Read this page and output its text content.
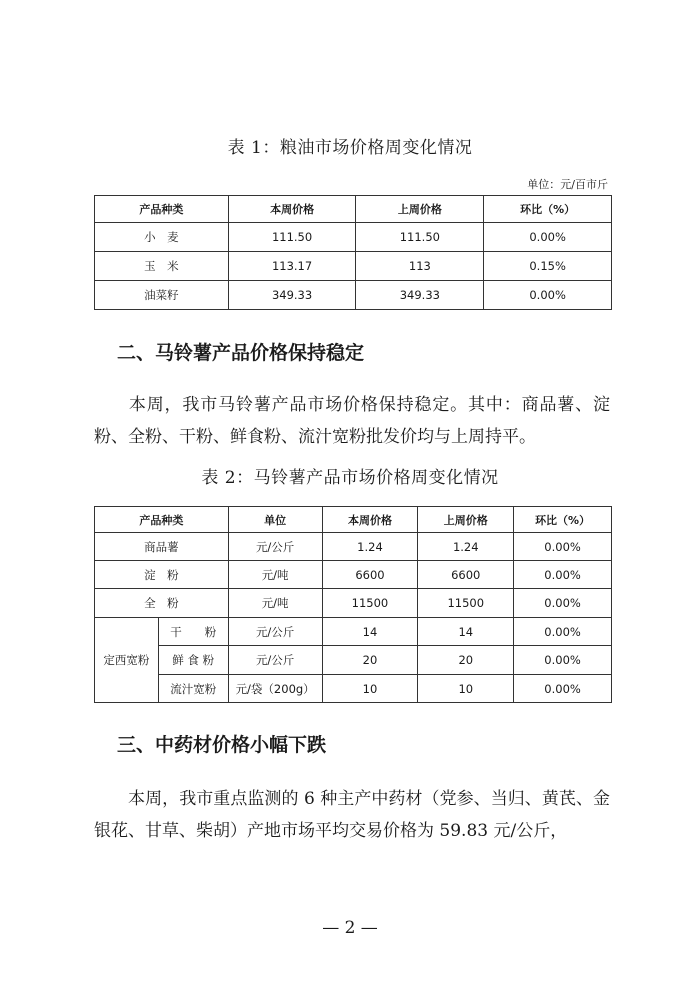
表 1：粮油市场价格周变化情况
单位：元/百市斤
产品种类	本周价格	上周价格	环比（%）
小　麦	111.50	111.50	0.00%
玉　米	113.17	113	0.15%
油菜籽	349.33	349.33	0.00%
二、马铃薯产品价格保持稳定
本周，我市马铃薯产品市场价格保持稳定。其中：商品薯、淀粉、全粉、干粉、鲜食粉、流汁宽粉批发价均与上周持平。
表 2：马铃薯产品市场价格周变化情况
产品种类		单位	本周价格	上周价格	环比（%）
商品薯		元/公斤	1.24	1.24	0.00%
淀　粉		元/吨	6600	6600	0.00%
全　粉		元/吨	11500	11500	0.00%
定西宽粉	干　　粉	元/公斤	14	14	0.00%
	鲜 食 粉	元/公斤	20	20	0.00%
	流汁宽粉	元/袋（200g）	10	10	0.00%
三、中药材价格小幅下跌
本周，我市重点监测的 6 种主产中药材（党参、当归、黄芪、金银花、甘草、柴胡）产地市场平均交易价格为 59.83 元/公斤，
— 2 —
